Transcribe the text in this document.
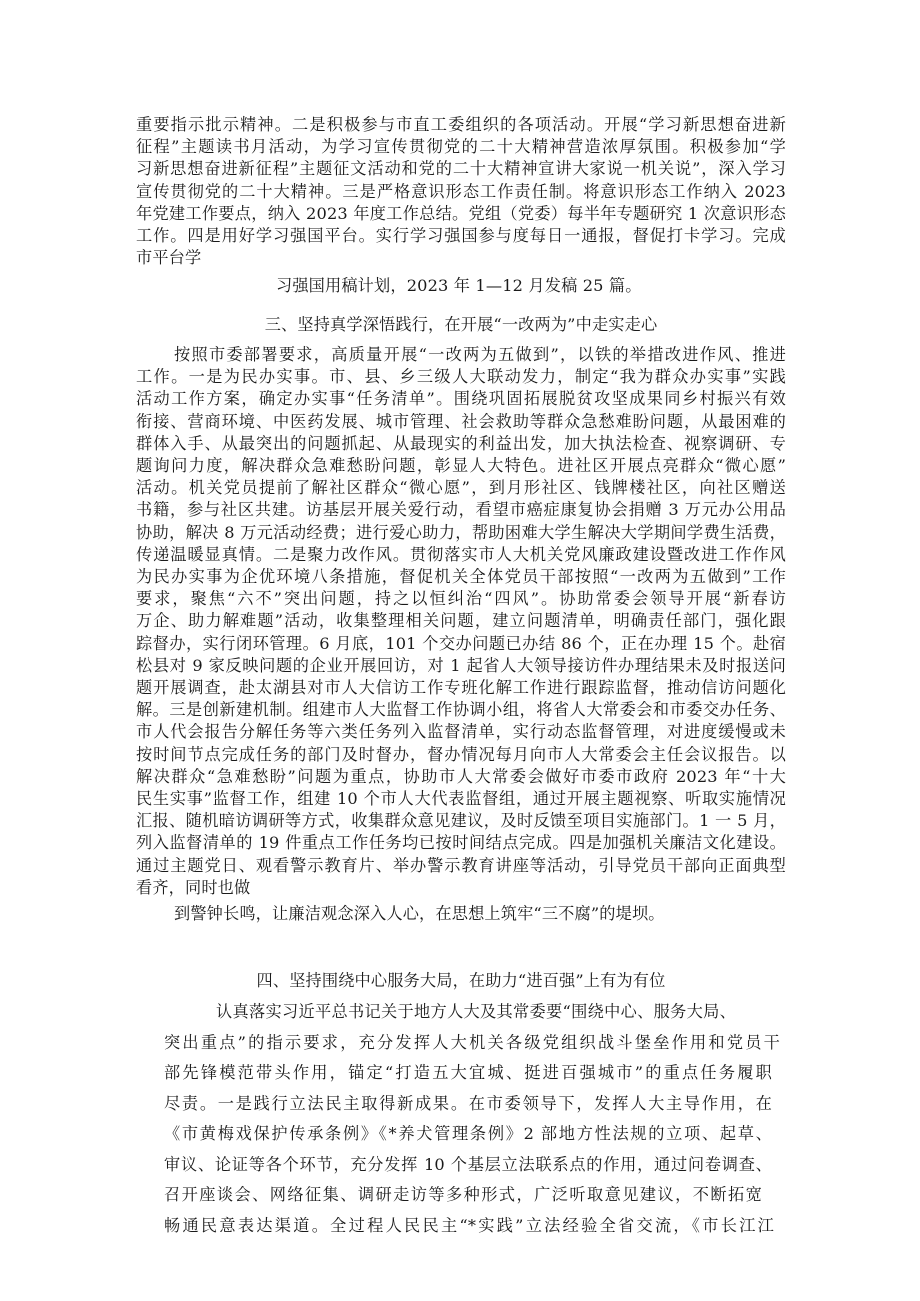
重要指示批示精神。二是积极参与市直工委组织的各项活动。开展“学习新思想奋进新
征程”主题读书月活动，为学习宣传贯彻党的二十大精神营造浓厚氛围。积极参加“学
习新思想奋进新征程”主题征文活动和党的二十大精神宣讲大家说一机关说”，深入学习
宣传贯彻党的二十大精神。三是严格意识形态工作责任制。将意识形态工作纳入 2023
年党建工作要点，纳入 2023 年度工作总结。党组（党委）每半年专题研究 1 次意识形态
工作。四是用好学习强国平台。实行学习强国参与度每日一通报，督促打卡学习。完成
市平台学
习强国用稿计划，2023 年 1—12 月发稿 25 篇。
三、坚持真学深悟践行，在开展“一改两为”中走实走心
按照市委部署要求，高质量开展“一改两为五做到”，以铁的举措改进作风、推进
工作。一是为民办实事。市、县、乡三级人大联动发力，制定“我为群众办实事”实践
活动工作方案，确定办实事“任务清单”。围绕巩固拓展脱贫攻坚成果同乡村振兴有效
衔接、营商环境、中医药发展、城市管理、社会救助等群众急愁难盼问题，从最困难的
群体入手、从最突出的问题抓起、从最现实的利益出发，加大执法检查、视察调研、专
题询问力度，解决群众急难愁盼问题，彰显人大特色。进社区开展点亮群众“微心愿”
活动。机关党员提前了解社区群众“微心愿”，到月形社区、钱牌楼社区，向社区赠送
书籍，参与社区共建。访基层开展关爱行动，看望市癌症康复协会捐赠 3 万元办公用品
协助，解决 8 万元活动经费；进行爱心助力，帮助困难大学生解决大学期间学费生活费，
传递温暖显真情。二是聚力改作风。贯彻落实市人大机关党风廉政建设暨改进工作作风
为民办实事为企优环境八条措施，督促机关全体党员干部按照“一改两为五做到”工作
要求，聚焦“六不”突出问题，持之以恒纠治“四风”。协助常委会领导开展“新春访
万企、助力解难题”活动，收集整理相关问题，建立问题清单，明确责任部门，强化跟
踪督办，实行闭环管理。6 月底，101 个交办问题已办结 86 个，正在办理 15 个。赴宿
松县对 9 家反映问题的企业开展回访，对 1 起省人大领导接访件办理结果未及时报送问
题开展调查，赴太湖县对市人大信访工作专班化解工作进行跟踪监督，推动信访问题化
解。三是创新建机制。组建市人大监督工作协调小组，将省人大常委会和市委交办任务、
市人代会报告分解任务等六类任务列入监督清单，实行动态监督管理，对进度缓慢或未
按时间节点完成任务的部门及时督办，督办情况每月向市人大常委会主任会议报告。以
解决群众“急难愁盼”问题为重点，协助市人大常委会做好市委市政府 2023 年“十大
民生实事”监督工作，组建 10 个市人大代表监督组，通过开展主题视察、听取实施情况
汇报、随机暗访调研等方式，收集群众意见建议，及时反馈至项目实施部门。1 一 5 月，
列入监督清单的 19 件重点工作任务均已按时间结点完成。四是加强机关廉洁文化建设。
通过主题党日、观看警示教育片、举办警示教育讲座等活动，引导党员干部向正面典型
看齐，同时也做
到警钟长鸣，让廉洁观念深入人心，在思想上筑牢“三不腐”的堤坝。
四、坚持围绕中心服务大局，在助力“进百强”上有为有位
认真落实习近平总书记关于地方人大及其常委要“围绕中心、服务大局、
突出重点”的指示要求，充分发挥人大机关各级党组织战斗堡垒作用和党员干
部先锋模范带头作用，锚定“打造五大宜城、挺进百强城市”的重点任务履职
尽责。一是践行立法民主取得新成果。在市委领导下，发挥人大主导作用，在
《市黄梅戏保护传承条例》《*养犬管理条例》2 部地方性法规的立项、起草、
审议、论证等各个环节，充分发挥 10 个基层立法联系点的作用，通过问卷调查、
召开座谈会、网络征集、调研走访等多种形式，广泛听取意见建议，不断拓宽
畅通民意表达渠道。全过程人民民主“*实践”立法经验全省交流，《市长江江
